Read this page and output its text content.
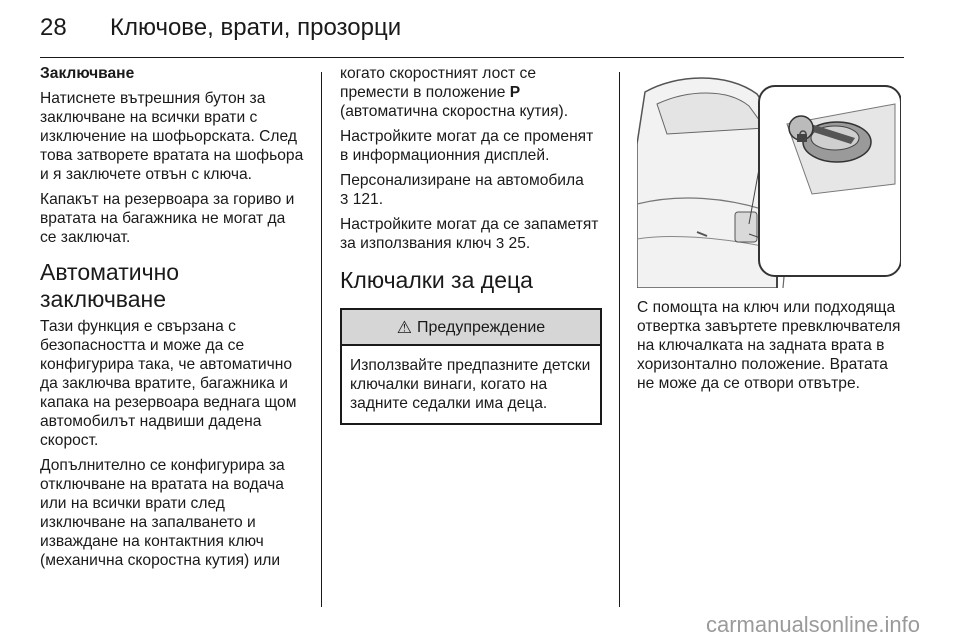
28	Ключове, врати, прозорци

Заключване

Натиснете вътрешния бутон за заключване на всички врати с изключение на шофьорската. След това затворете вратата на шофьора и я заключете отвън с ключа.

Капакът на резервоара за гориво и вратата на багажника не могат да се заключат.

Автоматично заключване

Тази функция е свързана с безопасността и може да се конфигурира така, че автоматично да заключва вратите, багажника и капака на резервоара веднага щом автомобилът надвиши дадена скорост.

Допълнително се конфигурира за отключване на вратата на водача или на всички врати след изключване на запалването и изваждане на контактния ключ (механична скоростна кутия) или

когато скоростният лост се премести в положение P (автоматична скоростна кутия).

Настройките могат да се променят в информационния дисплей.

Персонализиране на автомобила
3 121.

Настройките могат да се запаметят за използвания ключ 3 25.

Ключалки за деца
⚠ Предупреждение
Използвайте предпазните детски ключалки винаги, когато на задните седалки има деца.

С помощта на ключ или подходяща отвертка завъртете превключвателя на ключалката на задната врата в хоризонтално положение. Вратата не може да се отвори отвътре.

carmanualsonline.info
